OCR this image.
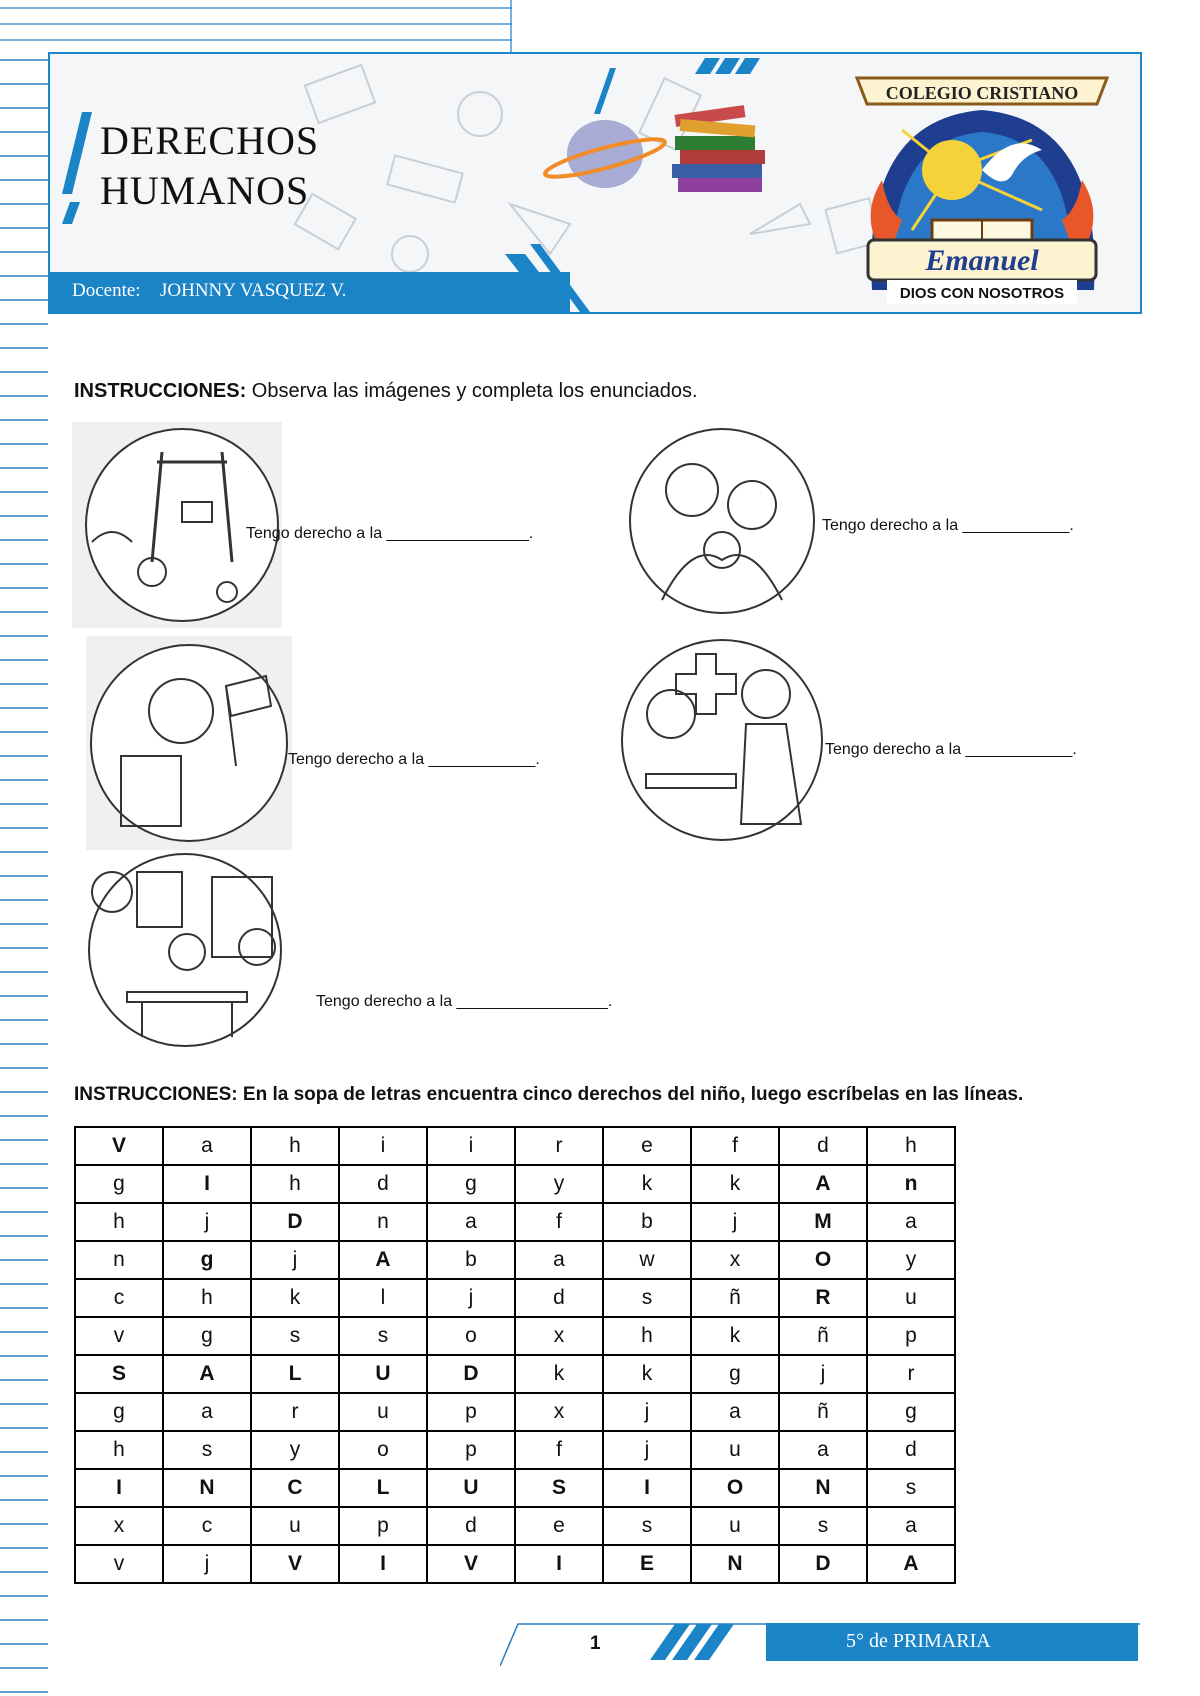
DERECHOS
HUMANOS
Docente: JOHNNY VASQUEZ V.
COLEGIO CRISTIANO
Emanuel
DIOS CON NOSOTROS
INSTRUCCIONES: Observa las imágenes y completa los enunciados.
Tengo derecho a la ________________.	Tengo derecho a la ____________.
Tengo derecho a la ____________.
Tengo derecho a la ____________.
Tengo derecho a la _________________.
INSTRUCCIONES: En la sopa de letras encuentra cinco derechos del niño, luego escríbelas en las líneas.
V	a	h	i	i	r	e	f	d	h
g	I	h	d	g	y	k	k	A	n
h	j	D	n	a	f	b	j	M	a
n	g	j	A	b	a	w	x	O	y
c	h	k	l	j	d	s	ñ	R	u
v	g	s	s	o	x	h	k	ñ	p
S	A	L	U	D	k	k	g	j	r
g	a	r	u	p	x	j	a	ñ	g
h	s	y	o	p	f	j	u	a	d
I	N	C	L	U	S	I	O	N	s
x	c	u	p	d	e	s	u	s	a
v	j	V	I	V	I	E	N	D	A
1	5° de PRIMARIA
